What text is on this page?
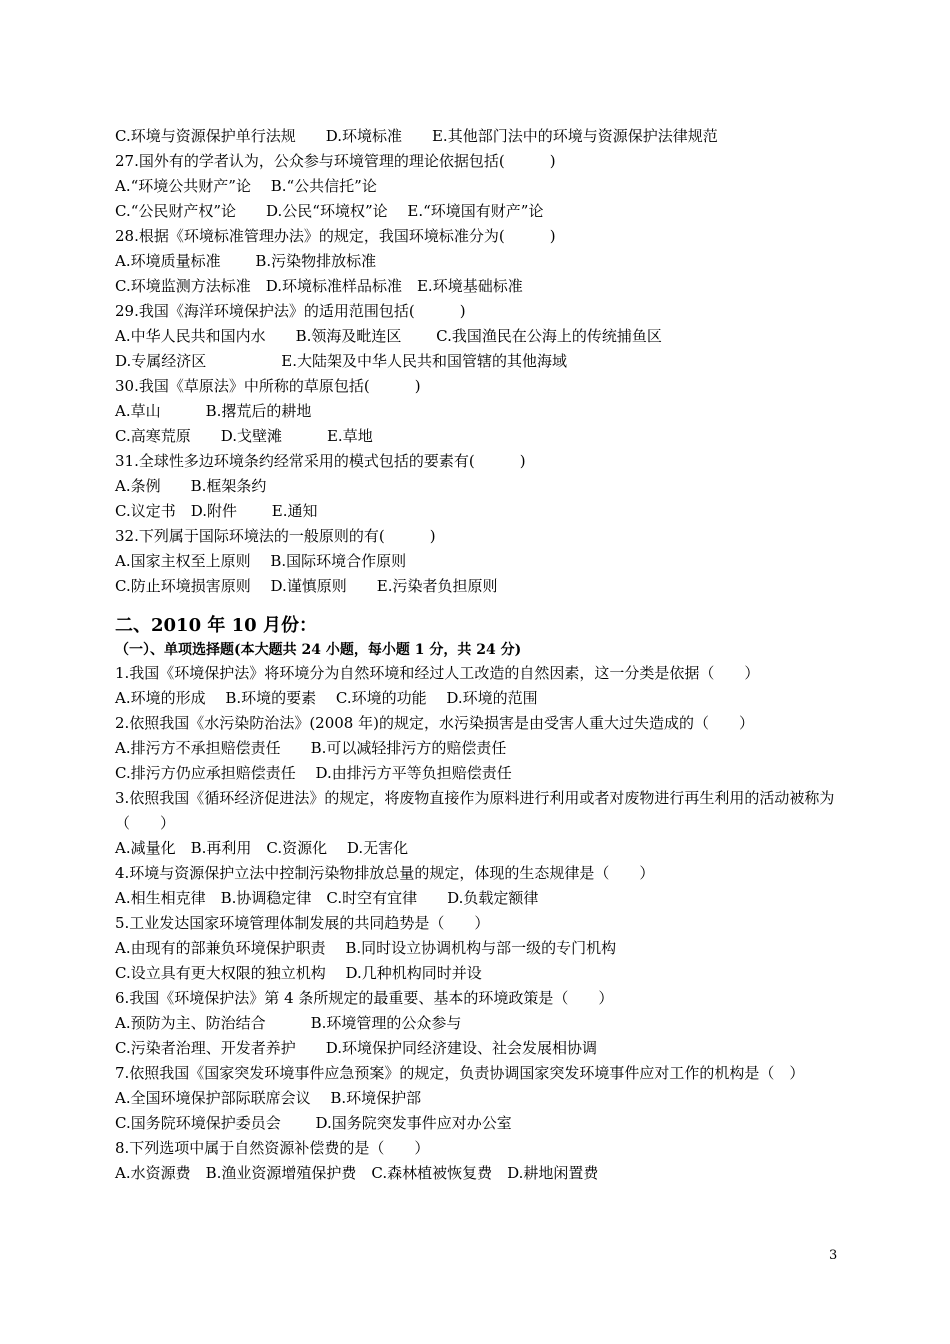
C.环境与资源保护单行法规　　D.环境标准　　E.其他部门法中的环境与资源保护法律规范
27.国外有的学者认为，公众参与环境管理的理论依据包括(　　　)
A.“环境公共财产”论　 B.“公共信托”论
C.“公民财产权”论　　D.公民“环境权”论　 E.“环境国有财产”论
28.根据《环境标准管理办法》的规定，我国环境标准分为(　　　)
A.环境质量标准　　 B.污染物排放标准
C.环境监测方法标准　D.环境标准样品标准　E.环境基础标准
29.我国《海洋环境保护法》的适用范围包括(　　　)
A.中华人民共和国内水　　B.领海及毗连区　　 C.我国渔民在公海上的传统捕鱼区
D.专属经济区　　　　　E.大陆架及中华人民共和国管辖的其他海域
30.我国《草原法》中所称的草原包括(　　　)
A.草山　　　B.撂荒后的耕地
C.高寒荒原　　D.戈壁滩　　　E.草地
31.全球性多边环境条约经常采用的模式包括的要素有(　　　)
A.条例　　B.框架条约
C.议定书　D.附件　　 E.通知
32.下列属于国际环境法的一般原则的有(　　　)
A.国家主权至上原则　 B.国际环境合作原则
C.防止环境损害原则　 D.谨慎原则　　E.污染者负担原则
二、2010 年 10 月份：
（一）、单项选择题(本大题共 24 小题，每小题 1 分，共 24 分)
1.我国《环境保护法》将环境分为自然环境和经过人工改造的自然因素，这一分类是依据（　　）
A.环境的形成　 B.环境的要素　 C.环境的功能　 D.环境的范围
2.依照我国《水污染防治法》(2008 年)的规定，水污染损害是由受害人重大过失造成的（　　）
A.排污方不承担赔偿责任　　B.可以减轻排污方的赔偿责任
C.排污方仍应承担赔偿责任　 D.由排污方平等负担赔偿责任
3.依照我国《循环经济促进法》的规定，将废物直接作为原料进行利用或者对废物进行再生利用的活动被称为（　　）
A.减量化　B.再利用　C.资源化　 D.无害化
4.环境与资源保护立法中控制污染物排放总量的规定，体现的生态规律是（　　）
A.相生相克律　B.协调稳定律　C.时空有宜律　　D.负载定额律
5.工业发达国家环境管理体制发展的共同趋势是（　　）
A.由现有的部兼负环境保护职责　 B.同时设立协调机构与部一级的专门机构
C.设立具有更大权限的独立机构　 D.几种机构同时并设
6.我国《环境保护法》第 4 条所规定的最重要、基本的环境政策是（　　）
A.预防为主、防治结合　　　B.环境管理的公众参与
C.污染者治理、开发者养护　　D.环境保护同经济建设、社会发展相协调
7.依照我国《国家突发环境事件应急预案》的规定，负责协调国家突发环境事件应对工作的机构是（　）
A.全国环境保护部际联席会议　 B.环境保护部
C.国务院环境保护委员会　　 D.国务院突发事件应对办公室
8.下列选项中属于自然资源补偿费的是（　　）
A.水资源费　B.渔业资源增殖保护费　C.森林植被恢复费　D.耕地闲置费
3
